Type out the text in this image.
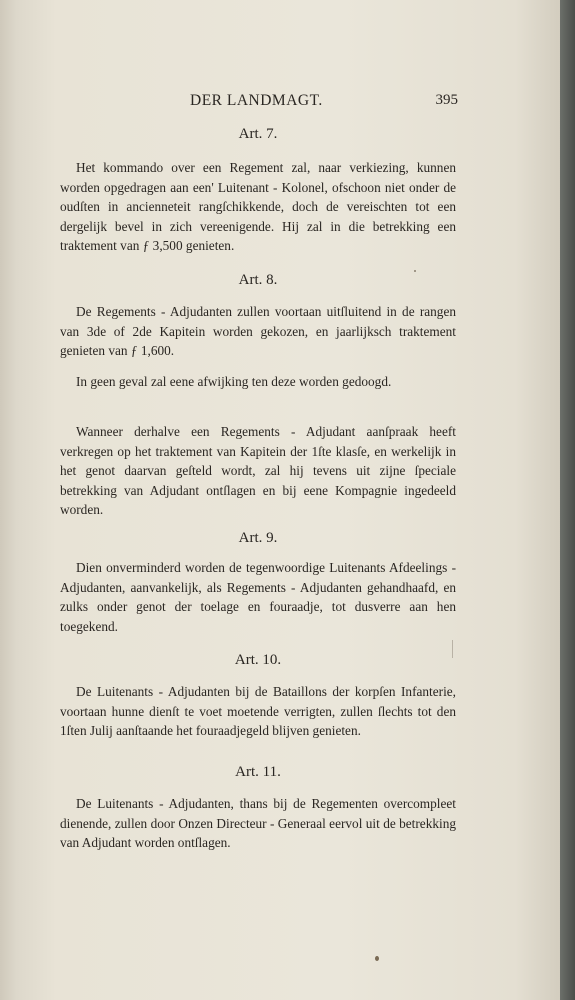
DER LANDMAGT.	395
Art. 7.

Het kommando over een Regement zal, naar verkiezing, kunnen worden opgedragen aan een' Luitenant - Kolonel, ofschoon niet onder de oudſten in ancienneteit rangſchikkende, doch de vereischten tot een dergelijk bevel in zich vereenigende. Hij zal in die betrekking een traktement van ƒ 3,500 genieten.

Art. 8.

De Regements - Adjudanten zullen voortaan uitſluitend in de rangen van 3de of 2de Kapitein worden gekozen, en jaarlijksch traktement genieten van ƒ 1,600.

In geen geval zal eene afwijking ten deze worden gedoogd.

Wanneer derhalve een Regements - Adjudant aanſpraak heeft verkregen op het traktement van Kapitein der 1ſte klasſe, en werkelijk in het genot daarvan geſteld wordt, zal hij tevens uit zijne ſpeciale betrekking van Adjudant ontſlagen en bij eene Kompagnie ingedeeld worden.

Art. 9.

Dien onverminderd worden de tegenwoordige Luitenants Afdeelings - Adjudanten, aanvankelijk, als Regements - Adjudanten gehandhaafd, en zulks onder genot der toelage en fouraadje, tot dusverre aan hen toegekend.

Art. 10.

De Luitenants - Adjudanten bij de Bataillons der korpſen Infanterie, voortaan hunne dienſt te voet moetende verrigten, zullen ſlechts tot den 1ſten Julij aanſtaande het fouraadjegeld blijven genieten.

Art. 11.

De Luitenants - Adjudanten, thans bij de Regementen overcompleet dienende, zullen door Onzen Directeur - Generaal eervol uit de betrekking van Adjudant worden ontſlagen.
